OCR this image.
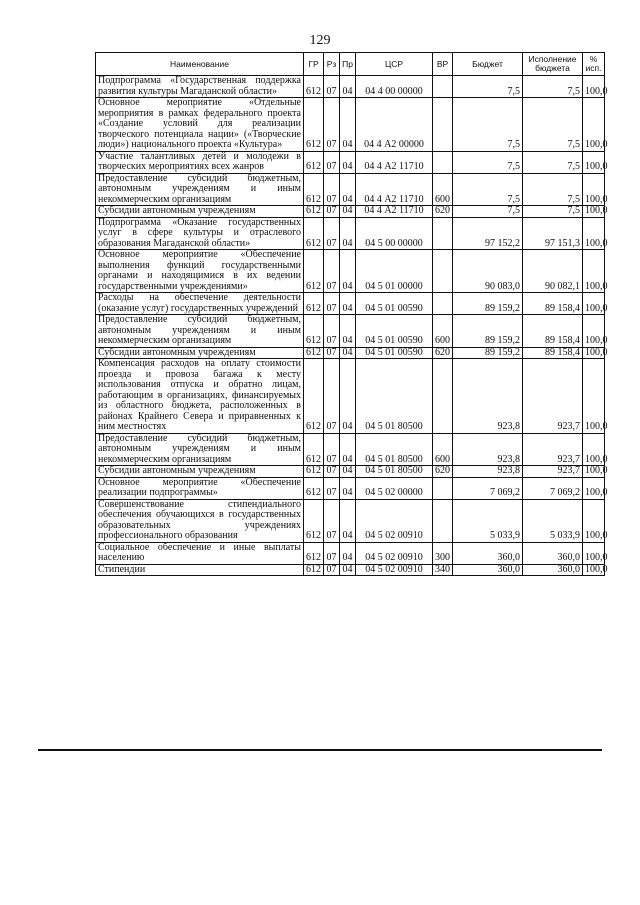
129
Наименование	ГР	Рз	Пр	ЦСР	ВР	Бюджет	Исполнение бюджета	% исп.
Подпрограмма «Государственная поддержка развития культуры Магаданской области»	612	07	04	04 4 00 00000		7,5	7,5	100,0
Основное мероприятие «Отдельные мероприятия в рамках федерального проекта «Создание условий для реализации творческого потенциала нации» («Творческие люди») национального проекта «Культура»	612	07	04	04 4 А2 00000		7,5	7,5	100,0
Участие талантливых детей и молодежи в творческих мероприятиях всех жанров	612	07	04	04 4 А2 11710		7,5	7,5	100,0
Предоставление субсидий бюджетным, автономным учреждениям и иным некоммерческим организациям	612	07	04	04 4 А2 11710	600	7,5	7,5	100,0
Субсидии автономным учреждениям	612	07	04	04 4 А2 11710	620	7,5	7,5	100,0
Подпрограмма «Оказание государственных услуг в сфере культуры и отраслевого образования Магаданской области»	612	07	04	04 5 00 00000		97 152,2	97 151,3	100,0
Основное мероприятие «Обеспечение выполнения функций государственными органами и находящимися в их ведении государственными учреждениями»	612	07	04	04 5 01 00000		90 083,0	90 082,1	100,0
Расходы на обеспечение деятельности (оказание услуг) государственных учреждений	612	07	04	04 5 01 00590		89 159,2	89 158,4	100,0
Предоставление субсидий бюджетным, автономным учреждениям и иным некоммерческим организациям	612	07	04	04 5 01 00590	600	89 159,2	89 158,4	100,0
Субсидии автономным учреждениям	612	07	04	04 5 01 00590	620	89 159,2	89 158,4	100,0
Компенсация расходов на оплату стоимости проезда и провоза багажа к месту использования отпуска и обратно лицам, работающим в организациях, финансируемых из областного бюджета, расположенных в районах Крайнего Севера и приравненных к ним местностях	612	07	04	04 5 01 80500		923,8	923,7	100,0
Предоставление субсидий бюджетным, автономным учреждениям и иным некоммерческим организациям	612	07	04	04 5 01 80500	600	923,8	923,7	100,0
Субсидии автономным учреждениям	612	07	04	04 5 01 80500	620	923,8	923,7	100,0
Основное мероприятие «Обеспечение реализации подпрограммы»	612	07	04	04 5 02 00000		7 069,2	7 069,2	100,0
Совершенствование стипендиального обеспечения обучающихся в государственных образовательных учреждениях профессионального образования	612	07	04	04 5 02 00910		5 033,9	5 033,9	100,0
Социальное обеспечение и иные выплаты населению	612	07	04	04 5 02 00910	300	360,0	360,0	100,0
Стипендии	612	07	04	04 5 02 00910	340	360,0	360,0	100,0
